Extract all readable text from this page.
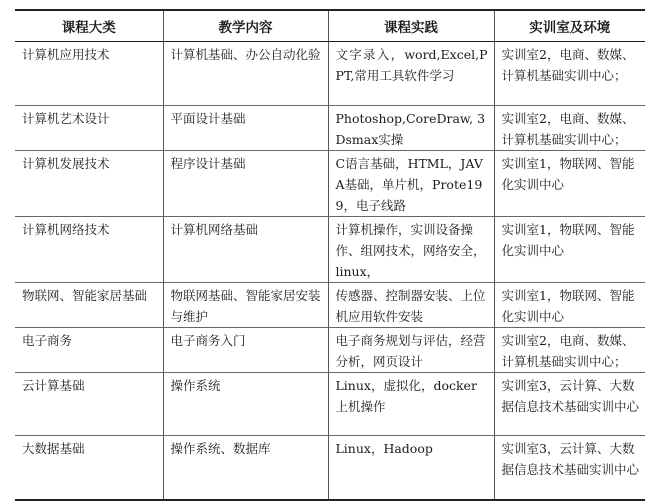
课程大类	教学内容	课程实践	实训室及环境
计算机应用技术	计算机基础、办公自动化验	文字录入，word,Excel,PPT,常用工具软件学习	实训室2，电商、数媒、计算机基础实训中心；
计算机艺术设计	平面设计基础	Photoshop,CoreDraw, 3Dsmax实操	实训室2，电商、数媒、计算机基础实训中心；
计算机发展技术	程序设计基础	C语言基础，HTML，JAVA基础，单片机，Prote199，电子线路	实训室1，物联网、智能化实训中心
计算机网络技术	计算机网络基础	计算机操作，实训设备操作、组网技术，网络安全，linux，	实训室1，物联网、智能化实训中心
物联网、智能家居基础	物联网基础、智能家居安装与维护	传感器、控制器安装、上位机应用软件安装	实训室1，物联网、智能化实训中心
电子商务	电子商务入门	电子商务规划与评估，经营分析，网页设计	实训室2，电商、数媒、计算机基础实训中心；
云计算基础	操作系统	Linux，虚拟化，docker上机操作	实训室3，云计算、大数据信息技术基础实训中心
大数据基础	操作系统、数据库	Linux，Hadoop	实训室3，云计算、大数据信息技术基础实训中心
